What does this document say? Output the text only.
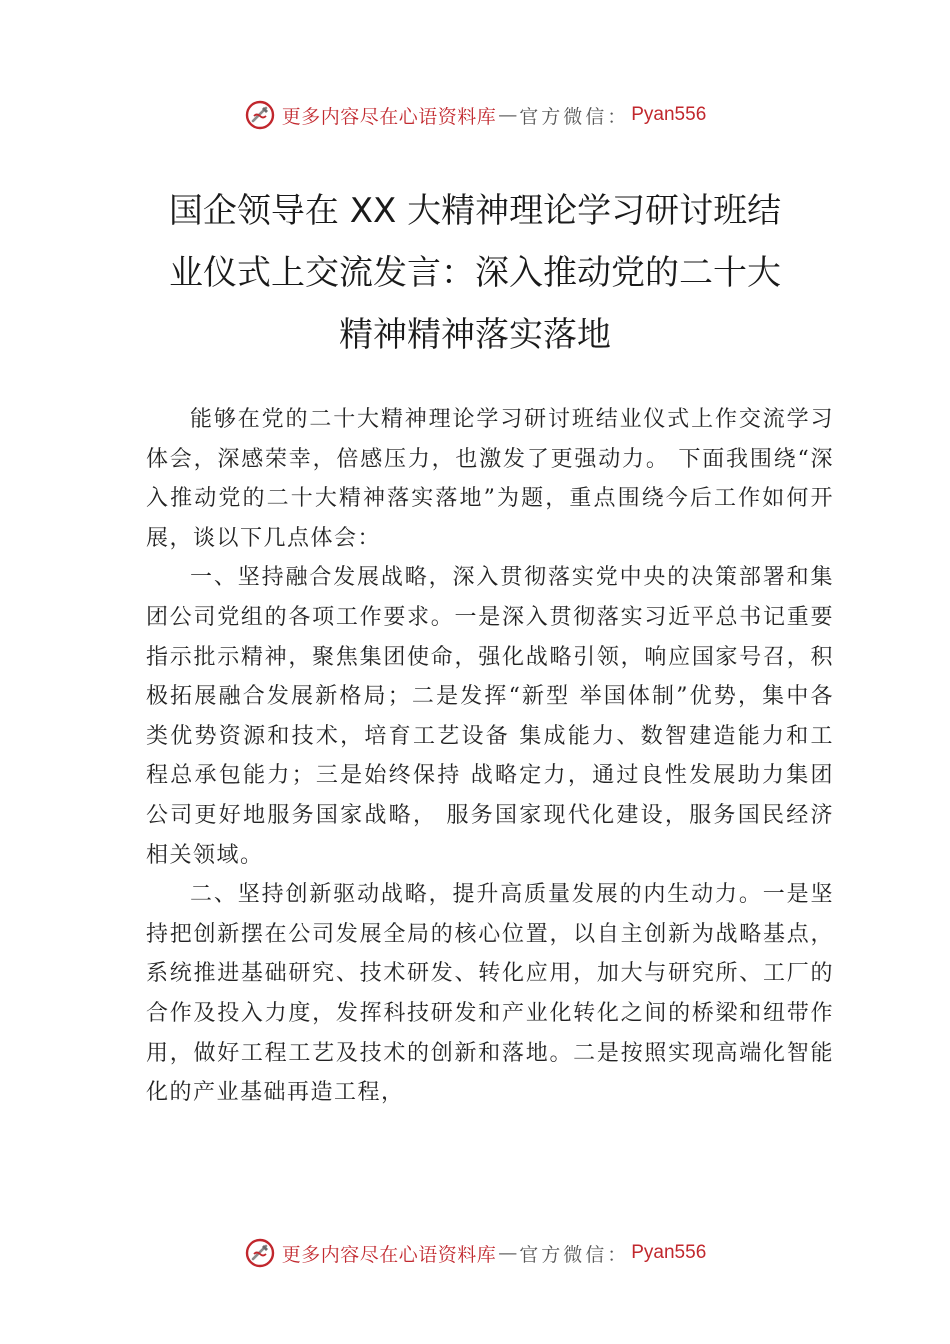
更多内容尽在心语资料库 — 官方微信： Pyan556
国企领导在 XX 大精神理论学习研讨班结
业仪式上交流发言：深入推动党的二十大
精神精神落实落地

能够在党的二十大精神理论学习研讨班结业仪式上作交流学习体会，深感荣幸，倍感压力，也激发了更强动力。 下面我围绕“深入推动党的二十大精神落实落地”为题，重点围绕今后工作如何开展，谈以下几点体会：

一、坚持融合发展战略，深入贯彻落实党中央的决策部署和集团公司党组的各项工作要求。一是深入贯彻落实习近平总书记重要指示批示精神，聚焦集团使命，强化战略引领，响应国家号召，积极拓展融合发展新格局；二是发挥“新型 举国体制”优势，集中各类优势资源和技术，培育工艺设备 集成能力、数智建造能力和工程总承包能力；三是始终保持 战略定力，通过良性发展助力集团公司更好地服务国家战略， 服务国家现代化建设，服务国民经济相关领域。

二、坚持创新驱动战略，提升高质量发展的内生动力。一是坚持把创新摆在公司发展全局的核心位置，以自主创新为战略基点，系统推进基础研究、技术研发、转化应用，加大与研究所、工厂的合作及投入力度，发挥科技研发和产业化转化之间的桥梁和纽带作用，做好工程工艺及技术的创新和落地。二是按照实现高端化智能化的产业基础再造工程，

更多内容尽在心语资料库 — 官方微信： Pyan556
